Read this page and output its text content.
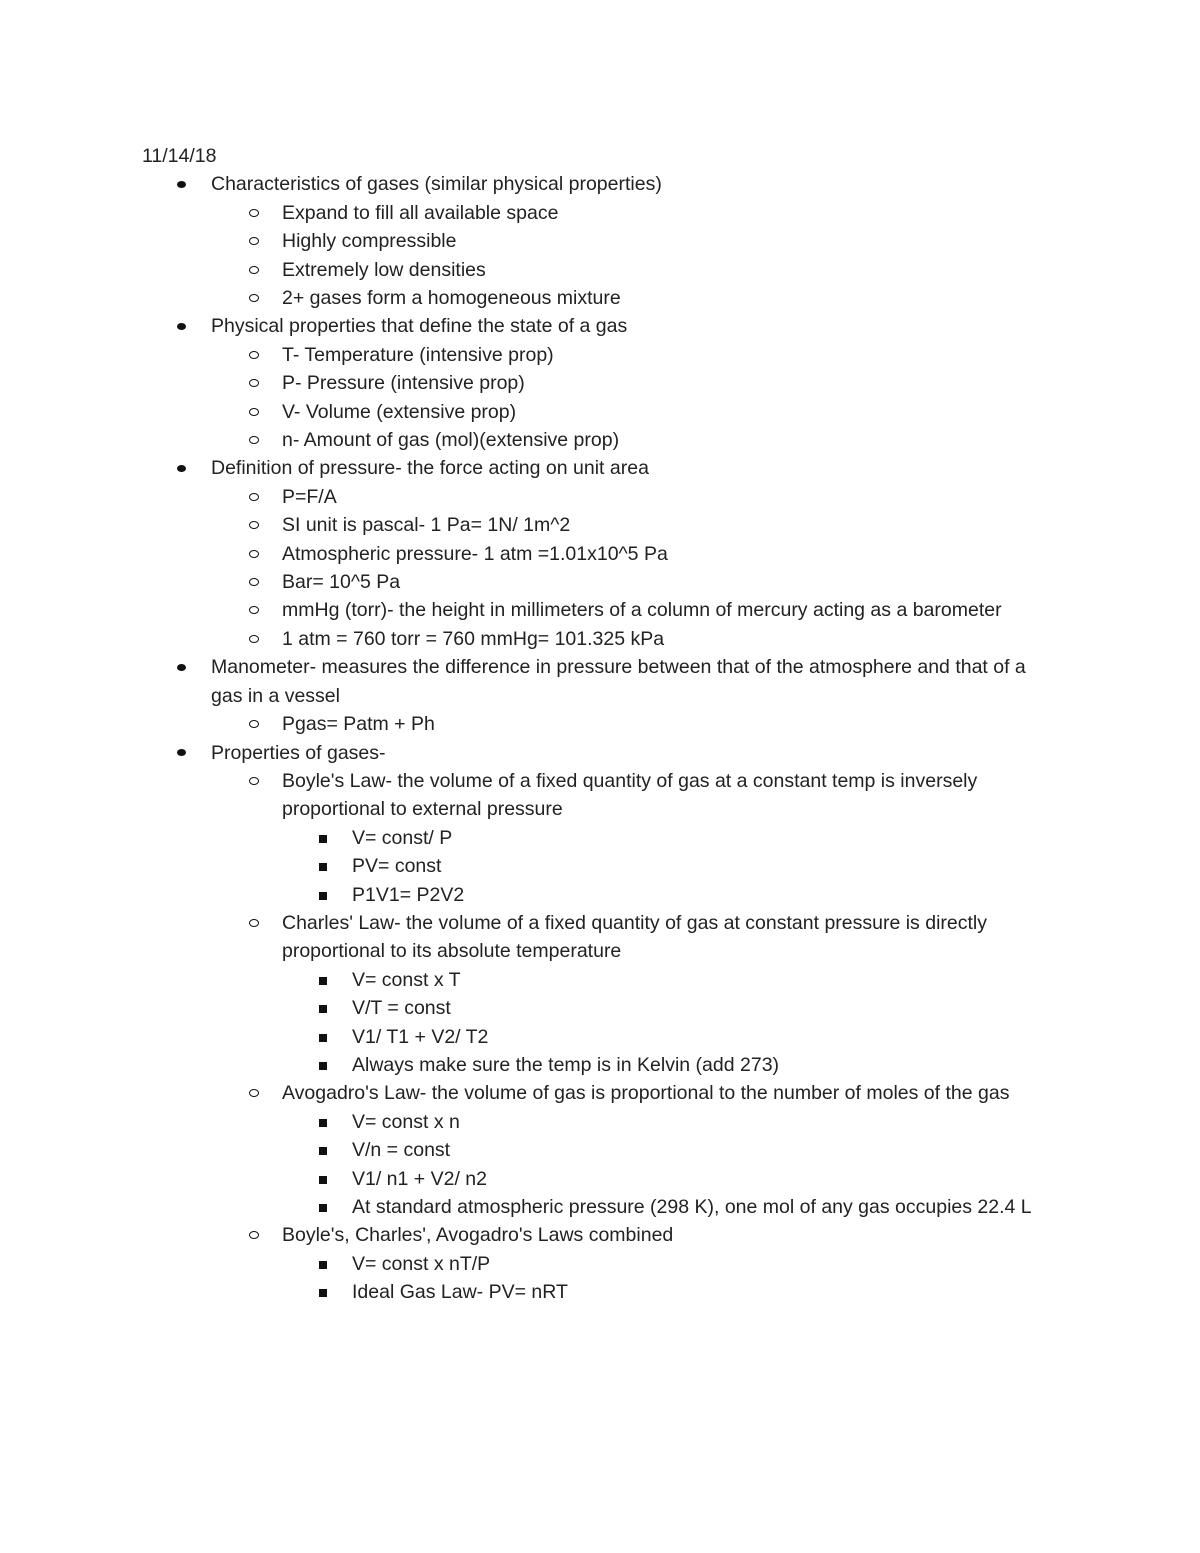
11/14/18
Characteristics of gases (similar physical properties)
Expand to fill all available space
Highly compressible
Extremely low densities
2+ gases form a homogeneous mixture
Physical properties that define the state of a gas
T- Temperature (intensive prop)
P- Pressure (intensive prop)
V- Volume (extensive prop)
n- Amount of gas (mol)(extensive prop)
Definition of pressure- the force acting on unit area
P=F/A
SI unit is pascal- 1 Pa= 1N/ 1m^2
Atmospheric pressure- 1 atm =1.01x10^5 Pa
Bar= 10^5 Pa
mmHg (torr)- the height in millimeters of a column of mercury acting as a barometer
1 atm = 760 torr = 760 mmHg= 101.325 kPa
Manometer- measures the difference in pressure between that of the atmosphere and that of a gas in a vessel
Pgas= Patm + Ph
Properties of gases-
Boyle's Law- the volume of a fixed quantity of gas at a constant temp is inversely proportional to external pressure
V= const/ P
PV= const
P1V1= P2V2
Charles' Law- the volume of a fixed quantity of gas at constant pressure is directly proportional to its absolute temperature
V= const x T
V/T = const
V1/ T1 + V2/ T2
Always make sure the temp is in Kelvin (add 273)
Avogadro's Law- the volume of gas is proportional to the number of moles of the gas
V= const x n
V/n = const
V1/ n1 + V2/ n2
At standard atmospheric pressure (298 K), one mol of any gas occupies 22.4 L
Boyle's, Charles', Avogadro's Laws combined
V= const x nT/P
Ideal Gas Law- PV= nRT
